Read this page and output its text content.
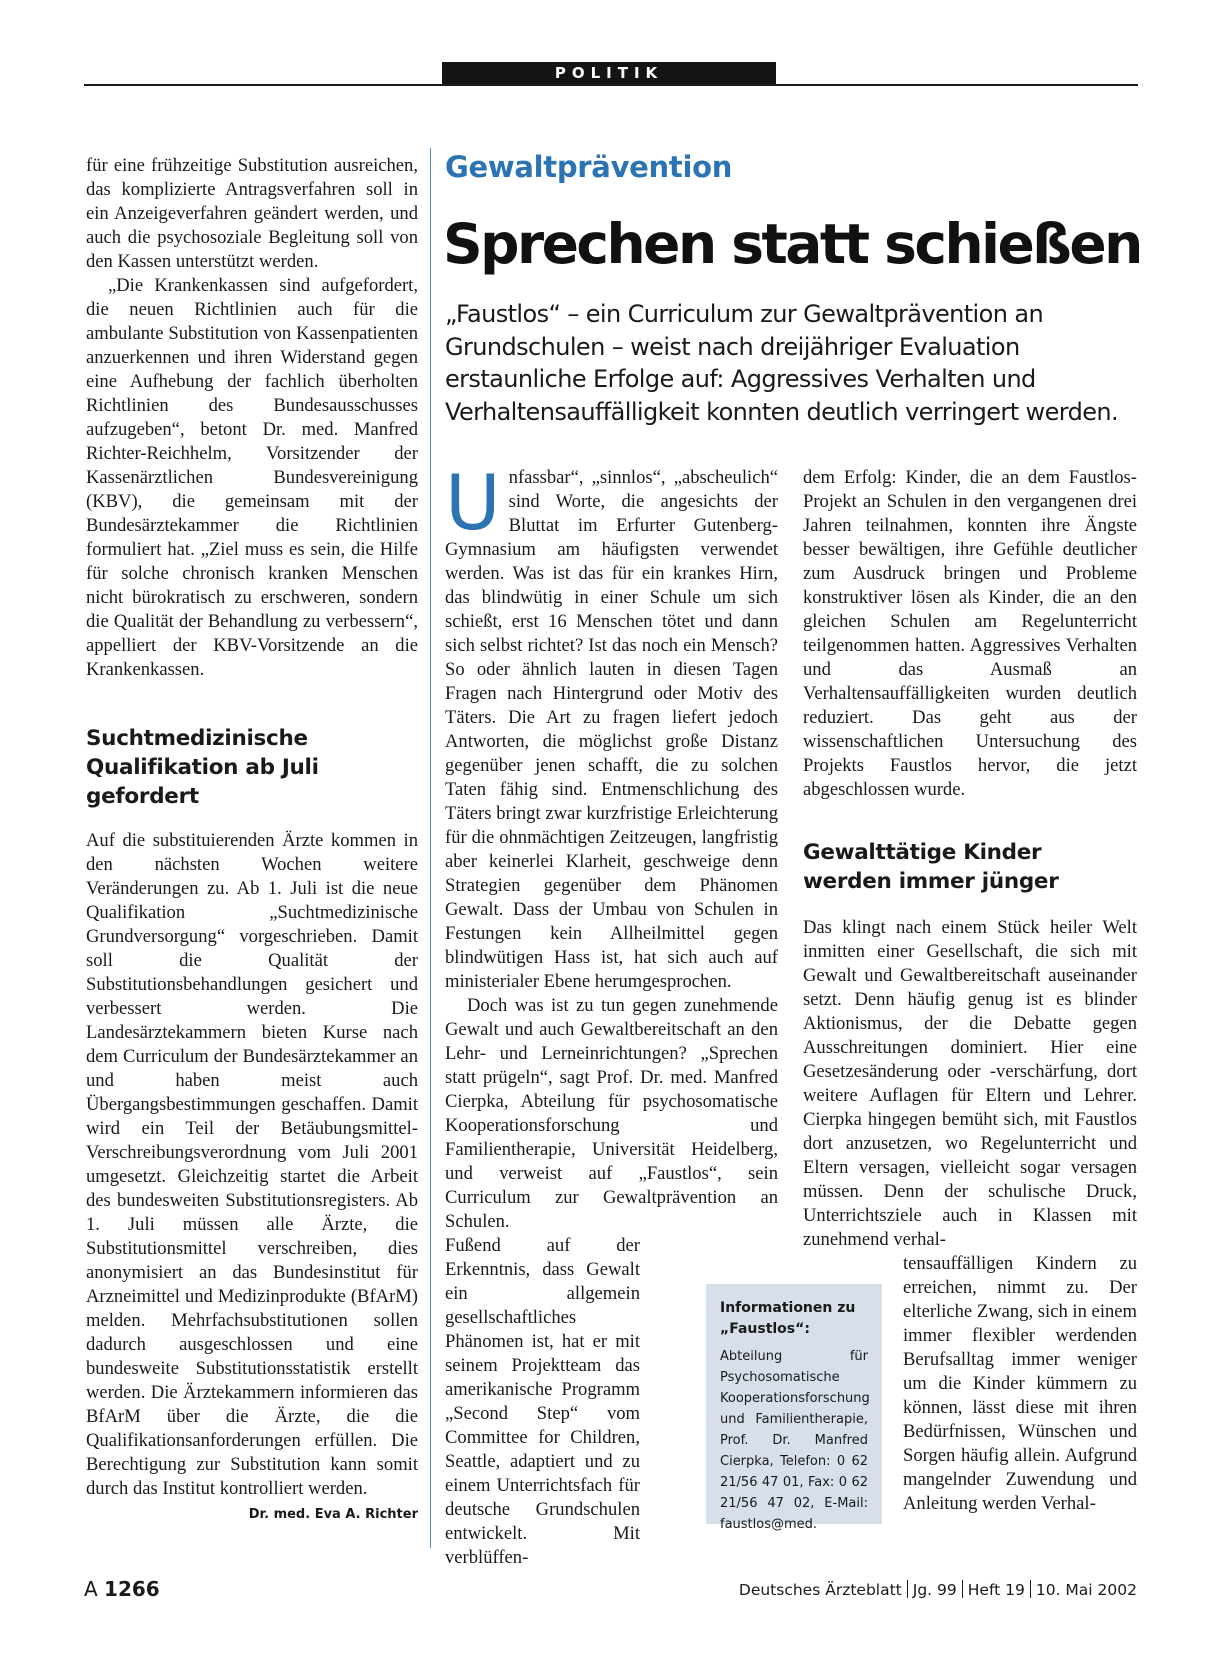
POLITIK

für eine frühzeitige Substitution ausreichen, das komplizierte Antragsverfahren soll in ein Anzeigeverfahren geändert werden, und auch die psychosoziale Begleitung soll von den Kassen unterstützt werden.

„Die Krankenkassen sind aufgefordert, die neuen Richtlinien auch für die ambulante Substitution von Kassenpatienten anzuerkennen und ihren Widerstand gegen eine Aufhebung der fachlich überholten Richtlinien des Bundesausschusses aufzugeben“, betont Dr. med. Manfred Richter-Reichhelm, Vorsitzender der Kassenärztlichen Bundesvereinigung (KBV), die gemeinsam mit der Bundesärztekammer die Richtlinien formuliert hat. „Ziel muss es sein, die Hilfe für solche chronisch kranken Menschen nicht bürokratisch zu erschweren, sondern die Qualität der Behandlung zu verbessern“, appelliert der KBV-Vorsitzende an die Krankenkassen.

Suchtmedizinische Qualifikation ab Juli gefordert

Auf die substituierenden Ärzte kommen in den nächsten Wochen weitere Veränderungen zu. Ab 1. Juli ist die neue Qualifikation „Suchtmedizinische Grundversorgung“ vorgeschrieben. Damit soll die Qualität der Substitutionsbehandlungen gesichert und verbessert werden. Die Landesärztekammern bieten Kurse nach dem Curriculum der Bundesärztekammer an und haben meist auch Übergangsbestimmungen geschaffen. Damit wird ein Teil der Betäubungsmittel-Verschreibungsverordnung vom Juli 2001 umgesetzt. Gleichzeitig startet die Arbeit des bundesweiten Substitutionsregisters. Ab 1. Juli müssen alle Ärzte, die Substitutionsmittel verschreiben, dies anonymisiert an das Bundesinstitut für Arzneimittel und Medizinprodukte (BfArM) melden. Mehrfachsubstitutionen sollen dadurch ausgeschlossen und eine bundesweite Substitutionsstatistik erstellt werden. Die Ärztekammern informieren das BfArM über die Ärzte, die die Qualifikationsanforderungen erfüllen. Die Berechtigung zur Substitution kann somit durch das Institut kontrolliert werden.
Dr. med. Eva A. Richter

Gewaltprävention
Sprechen statt schießen
„Faustlos“ – ein Curriculum zur Gewaltprävention an Grundschulen – weist nach dreijähriger Evaluation erstaunliche Erfolge auf: Aggressives Verhalten und Verhaltensauffälligkeit konnten deutlich verringert werden.

Unfassbar“, „sinnlos“, „abscheulich“ sind Worte, die angesichts der Bluttat im Erfurter Gutenberg-Gymnasium am häufigsten verwendet werden. Was ist das für ein krankes Hirn, das blindwütig in einer Schule um sich schießt, erst 16 Menschen tötet und dann sich selbst richtet? Ist das noch ein Mensch? So oder ähnlich lauten in diesen Tagen Fragen nach Hintergrund oder Motiv des Täters. Die Art zu fragen liefert jedoch Antworten, die möglichst große Distanz gegenüber jenen schafft, die zu solchen Taten fähig sind. Entmenschlichung des Täters bringt zwar kurzfristige Erleichterung für die ohnmächtigen Zeitzeugen, langfristig aber keinerlei Klarheit, geschweige denn Strategien gegenüber dem Phänomen Gewalt. Dass der Umbau von Schulen in Festungen kein Allheilmittel gegen blindwütigen Hass ist, hat sich auch auf ministerialer Ebene herumgesprochen.

Doch was ist zu tun gegen zunehmende Gewalt und auch Gewaltbereitschaft an den Lehr- und Lerneinrichtungen? „Sprechen statt prügeln“, sagt Prof. Dr. med. Manfred Cierpka, Abteilung für psychosomatische Kooperationsforschung und Familientherapie, Universität Heidelberg, und verweist auf „Faustlos“, sein Curriculum zur Gewaltprävention an Schulen.

Fußend auf der Erkenntnis, dass Gewalt ein allgemein gesellschaftliches Phänomen ist, hat er mit seinem Projektteam das amerikanische Programm „Second Step“ vom Committee for Children, Seattle, adaptiert und zu einem Unterrichtsfach für deutsche Grundschulen entwickelt. Mit verblüffen-

Informationen zu „Faustlos“:

Abteilung für Psychosomatische Kooperationsforschung und Familientherapie, Prof. Dr. Manfred Cierpka, Telefon: 0 62 21/56 47 01, Fax: 0 62 21/56 47 02, E-Mail: faustlos@med.

dem Erfolg: Kinder, die an dem Faustlos-Projekt an Schulen in den vergangenen drei Jahren teilnahmen, konnten ihre Ängste besser bewältigen, ihre Gefühle deutlicher zum Ausdruck bringen und Probleme konstruktiver lösen als Kinder, die an den gleichen Schulen am Regelunterricht teilgenommen hatten. Aggressives Verhalten und das Ausmaß an Verhaltensauffälligkeiten wurden deutlich reduziert. Das geht aus der wissenschaftlichen Untersuchung des Projekts Faustlos hervor, die jetzt abgeschlossen wurde.

Gewalttätige Kinder werden immer jünger

Das klingt nach einem Stück heiler Welt inmitten einer Gesellschaft, die sich mit Gewalt und Gewaltbereitschaft auseinander setzt. Denn häufig genug ist es blinder Aktionismus, der die Debatte gegen Ausschreitungen dominiert. Hier eine Gesetzesänderung oder -verschärfung, dort weitere Auflagen für Eltern und Lehrer. Cierpka hingegen bemüht sich, mit Faustlos dort anzusetzen, wo Regelunterricht und Eltern versagen, vielleicht sogar versagen müssen. Denn der schulische Druck, Unterrichtsziele auch in Klassen mit zunehmend verhal-

tensauffälligen Kindern zu erreichen, nimmt zu. Der elterliche Zwang, sich in einem immer flexibler werdenden Berufsalltag immer weniger um die Kinder kümmern zu können, lässt diese mit ihren Bedürfnissen, Wünschen und Sorgen häufig allein. Aufgrund mangelnder Zuwendung und Anleitung werden Verhal-

A 1266	Deutsches Ärzteblatt Jg. 99 Heft 19 10. Mai 2002
